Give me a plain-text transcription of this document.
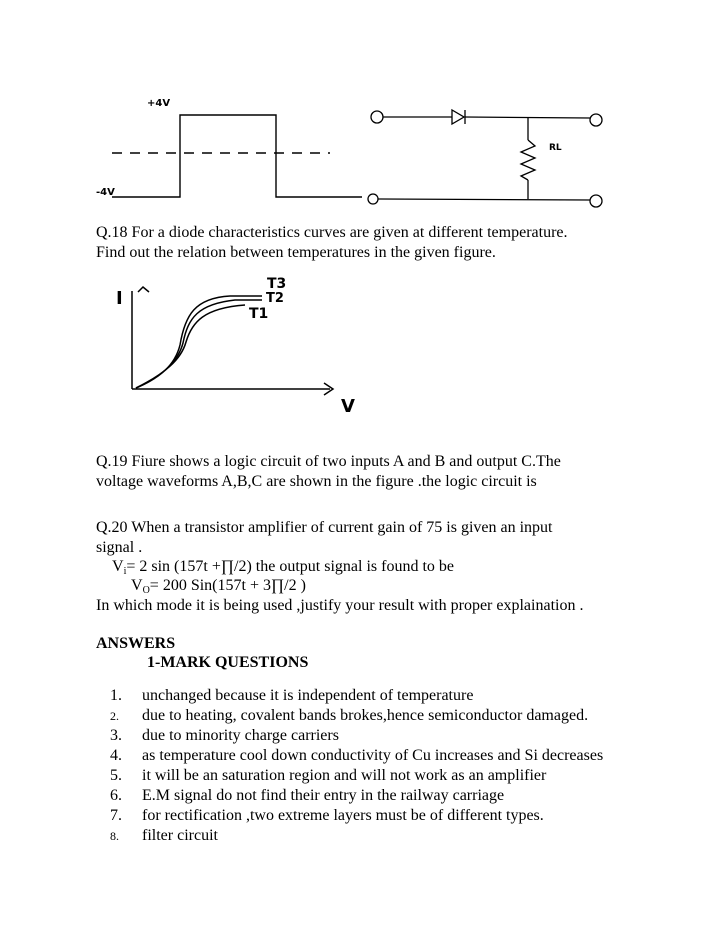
+4V
-4V
RL
Q.18 For a diode characteristics curves are given at different temperature.
Find out the relation between temperatures in the given figure.
I
V
T3
T2
T1
Q.19 Fiure shows a logic circuit of two inputs A and B and output C.The
voltage waveforms A,B,C are shown in the figure .the logic circuit is
Q.20 When a transistor amplifier of current gain of 75 is given an input
signal .
$V_i= 2$ sin (157t +∏/2) the output signal is found to be
$V_O= 200$ Sin(157t + 3∏/2 )
In which mode it is being used ,justify your result with proper explaination .
ANSWERS
1-MARK QUESTIONS
1.	unchanged because it is independent of temperature
2.	due to heating, covalent bands brokes,hence semiconductor damaged.
3.	due to minority charge carriers
4.	as temperature cool down conductivity of Cu increases and Si decreases
5.	it will be an saturation region and will not work as an amplifier
6.	E.M signal do not find their entry in the railway carriage
7.	for rectification ,two extreme layers must be of different types.
8.	filter circuit
